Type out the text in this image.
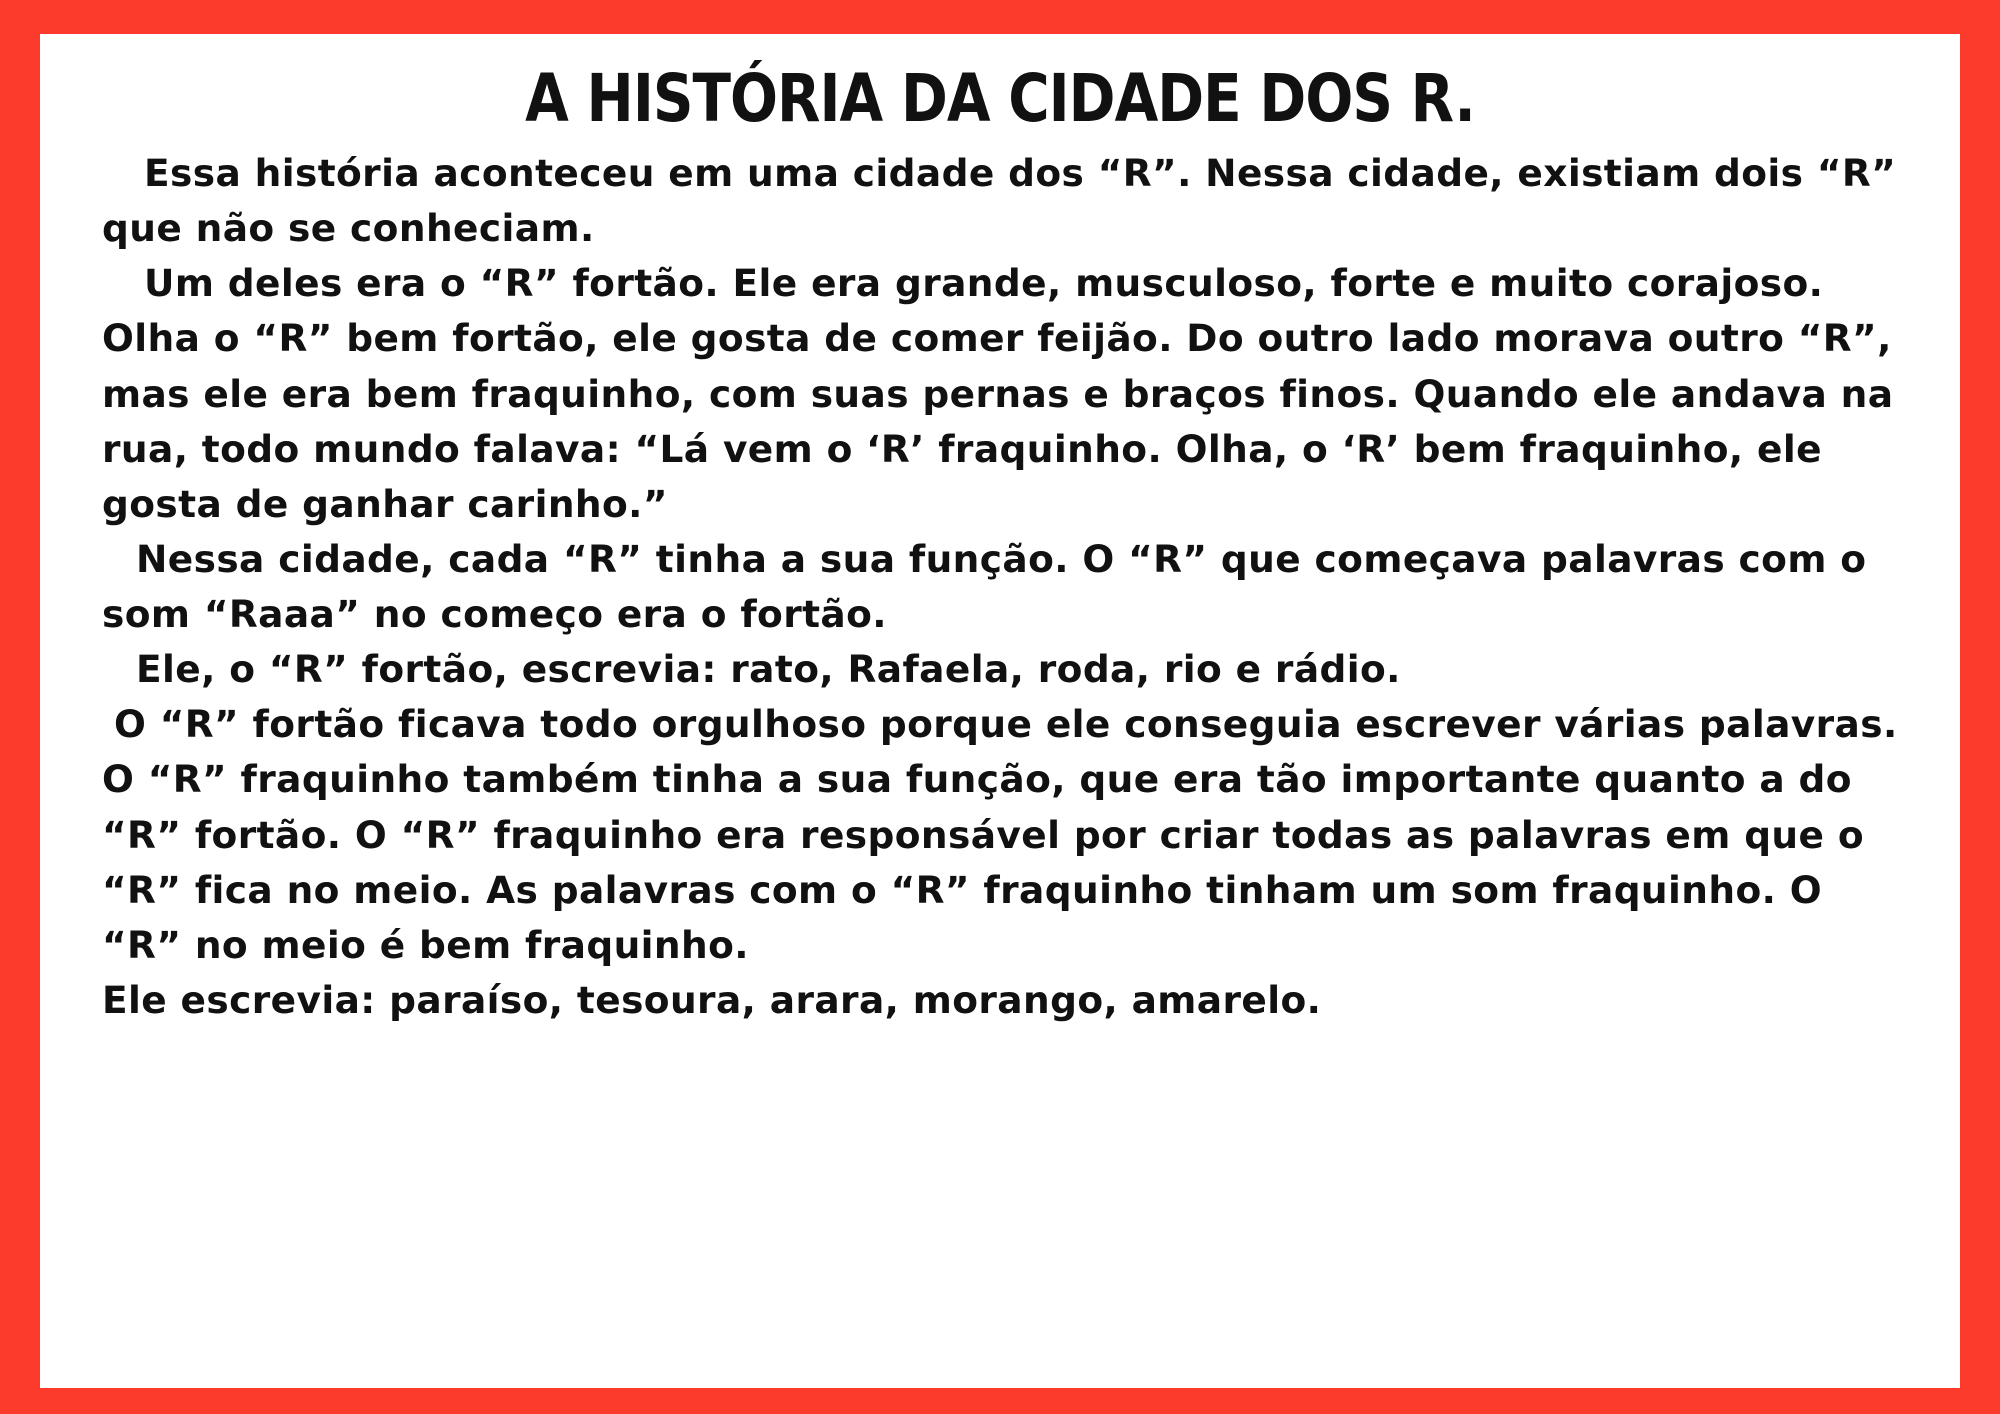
A HISTÓRIA DA CIDADE DOS R.

Essa história aconteceu em uma cidade dos “R”. Nessa cidade, existiam dois “R” que não se conheciam.

Um deles era o “R” fortão. Ele era grande, musculoso, forte e muito corajoso. Olha o “R” bem fortão, ele gosta de comer feijão. Do outro lado morava outro “R”, mas ele era bem fraquinho, com suas pernas e braços finos. Quando ele andava na rua, todo mundo falava: “Lá vem o ‘R’ fraquinho. Olha, o ‘R’ bem fraquinho, ele gosta de ganhar carinho.”

Nessa cidade, cada “R” tinha a sua função. O “R” que começava palavras com o som “Raaa” no começo era o fortão.

Ele, o “R” fortão, escrevia: rato, Rafaela, roda, rio e rádio.

O “R” fortão ficava todo orgulhoso porque ele conseguia escrever várias palavras.

O “R” fraquinho também tinha a sua função, que era tão importante quanto a do “R” fortão. O “R” fraquinho era responsável por criar todas as palavras em que o “R” fica no meio. As palavras com o “R” fraquinho tinham um som fraquinho. O “R” no meio é bem fraquinho.

Ele escrevia: paraíso, tesoura, arara, morango, amarelo.
